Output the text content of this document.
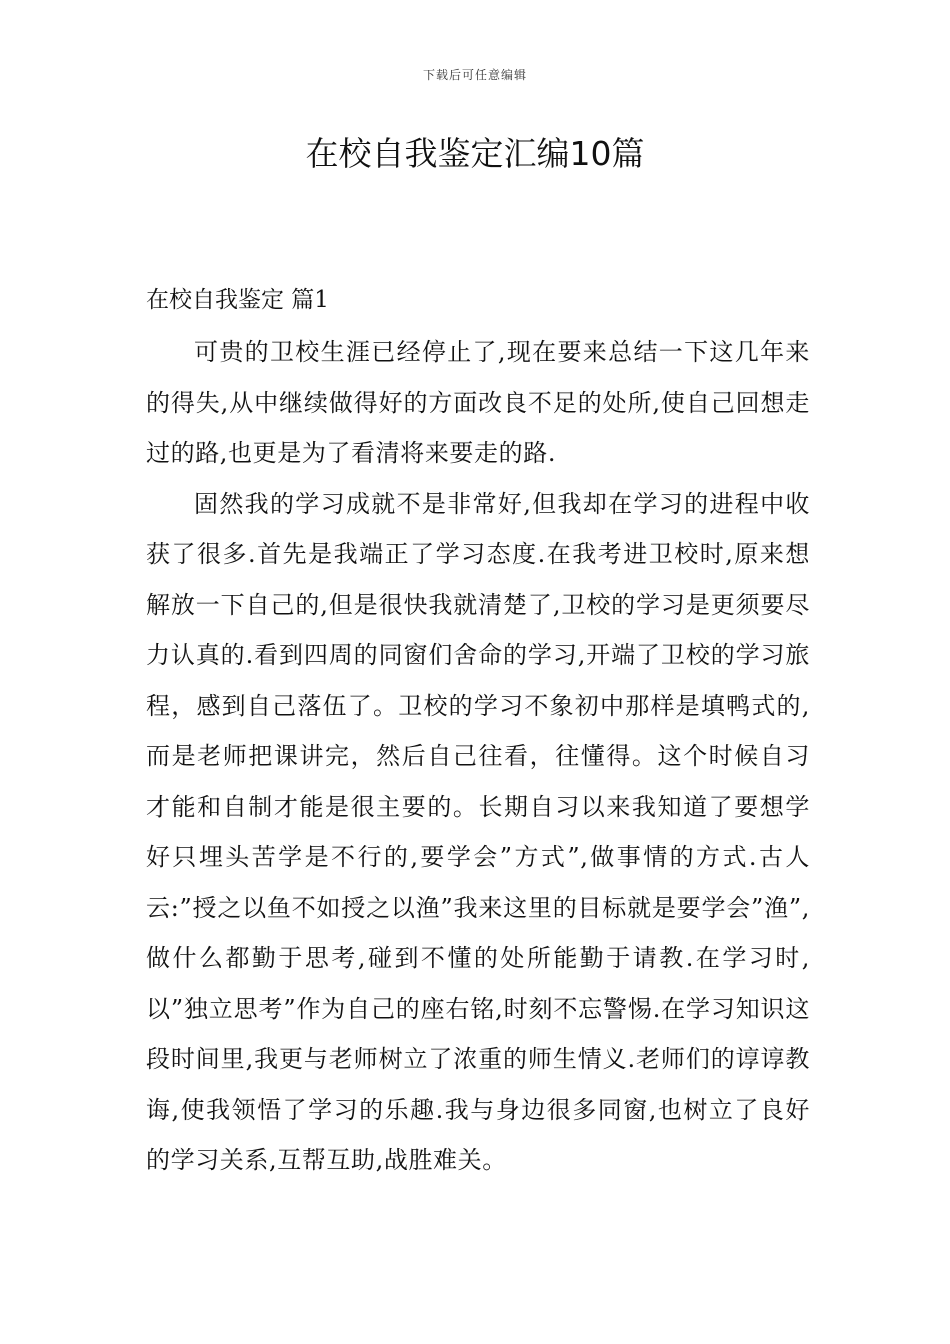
下载后可任意编辑
在校自我鉴定汇编10篇
在校自我鉴定 篇1

可贵的卫校生涯已经停止了,现在要来总结一下这几年来的得失,从中继续做得好的方面改良不足的处所,使自己回想走过的路,也更是为了看清将来要走的路.

固然我的学习成就不是非常好,但我却在学习的进程中收获了很多.首先是我端正了学习态度.在我考进卫校时,原来想解放一下自己的,但是很快我就清楚了,卫校的学习是更须要尽力认真的.看到四周的同窗们舍命的学习,开端了卫校的学习旅程，感到自己落伍了。卫校的学习不象初中那样是填鸭式的,而是老师把课讲完，然后自己往看，往懂得。这个时候自习才能和自制才能是很主要的。长期自习以来我知道了要想学好只埋头苦学是不行的,要学会”方式”,做事情的方式.古人云:”授之以鱼不如授之以渔”我来这里的目标就是要学会”渔”,做什么都勤于思考,碰到不懂的处所能勤于请教.在学习时,以”独立思考”作为自己的座右铭,时刻不忘警惕.在学习知识这段时间里,我更与老师树立了浓重的师生情义.老师们的谆谆教诲,使我领悟了学习的乐趣.我与身边很多同窗,也树立了良好的学习关系,互帮互助,战胜难关。
